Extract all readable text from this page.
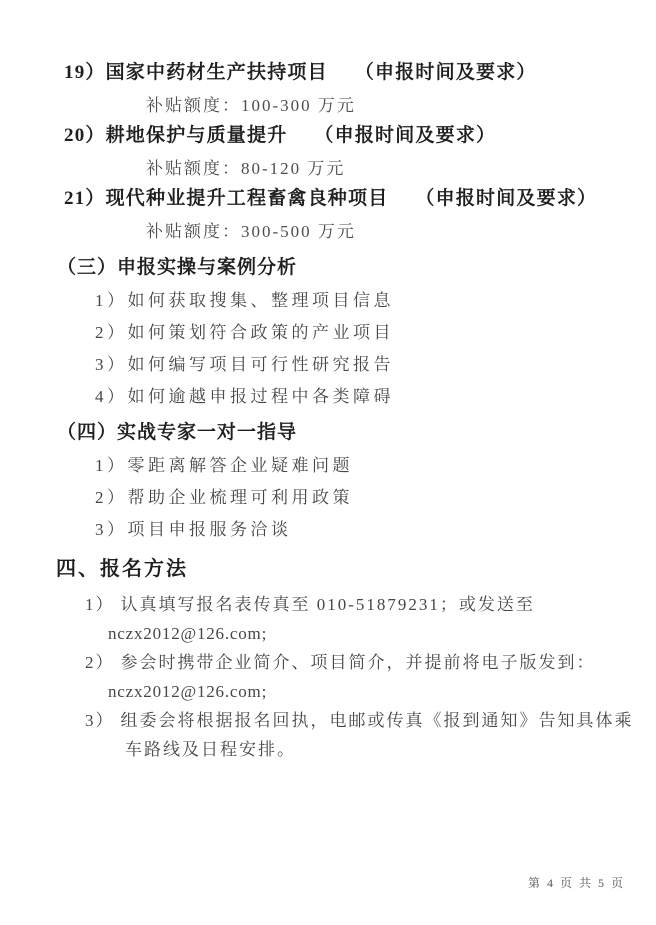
19）国家中药材生产扶持项目 （申报时间及要求）
补贴额度：100-300 万元
20）耕地保护与质量提升 （申报时间及要求）
补贴额度：80-120 万元
21）现代种业提升工程畜禽良种项目 （申报时间及要求）
补贴额度：300-500 万元
（三）申报实操与案例分析
1）如何获取搜集、整理项目信息
2）如何策划符合政策的产业项目
3）如何编写项目可行性研究报告
4）如何逾越申报过程中各类障碍
（四）实战专家一对一指导
1）零距离解答企业疑难问题
2）帮助企业梳理可利用政策
3）项目申报服务洽谈
四、报名方法
1） 认真填写报名表传真至 010-51879231；或发送至
nczx2012@126.com;
2） 参会时携带企业简介、项目简介，并提前将电子版发到：
nczx2012@126.com;
3） 组委会将根据报名回执，电邮或传真《报到通知》告知具体乘
车路线及日程安排。
第 4 页 共 5 页
